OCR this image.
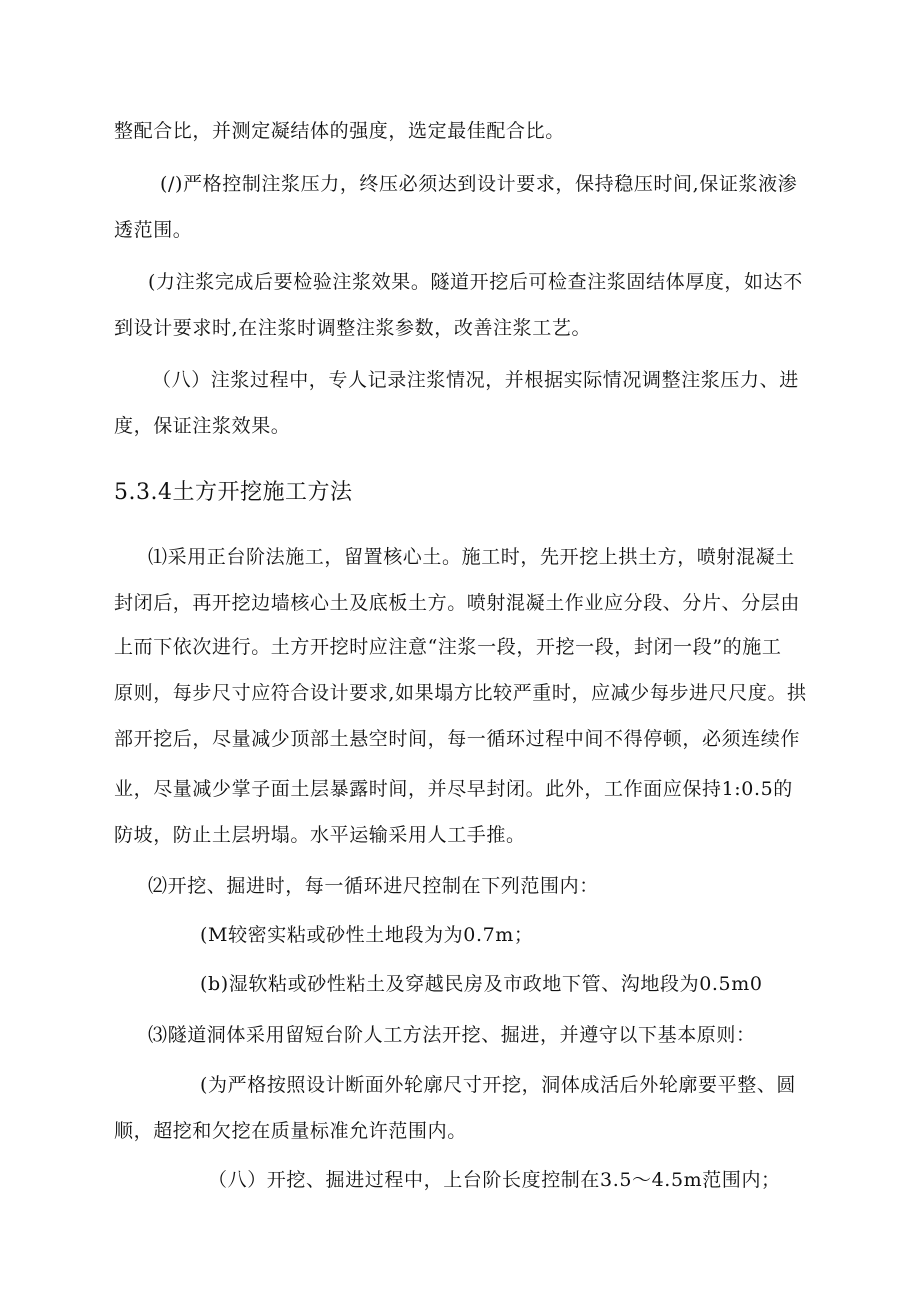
整配合比，并测定凝结体的强度，选定最佳配合比。
(/)严格控制注浆压力，终压必须达到设计要求，保持稳压时间,保证浆液渗
透范围。
(力注浆完成后要检验注浆效果。隧道开挖后可检查注浆固结体厚度，如达不
到设计要求时,在注浆时调整注浆参数，改善注浆工艺。
（八）注浆过程中，专人记录注浆情况，并根据实际情况调整注浆压力、进
度，保证注浆效果。
5.3.4土方开挖施工方法
⑴采用正台阶法施工，留置核心土。施工时，先开挖上拱土方，喷射混凝土
封闭后，再开挖边墙核心土及底板土方。喷射混凝土作业应分段、分片、分层由
上而下依次进行。土方开挖时应注意“注浆一段，开挖一段，封闭一段”的施工
原则，每步尺寸应符合设计要求,如果塌方比较严重时，应减少每步进尺尺度。拱
部开挖后，尽量减少顶部土悬空时间，每一循环过程中间不得停顿，必须连续作
业，尽量减少掌子面土层暴露时间，并尽早封闭。此外，工作面应保持1:0.5的
防坡，防止土层坍塌。水平运输采用人工手推。
⑵开挖、掘进时，每一循环进尺控制在下列范围内：
(M较密实粘或砂性土地段为为0.7m；
(b)湿软粘或砂性粘土及穿越民房及市政地下管、沟地段为0.5m0
⑶隧道洞体采用留短台阶人工方法开挖、掘进，并遵守以下基本原则：
(为严格按照设计断面外轮廓尺寸开挖，洞体成活后外轮廓要平整、圆
顺，超挖和欠挖在质量标准允许范围内。
（八）开挖、掘进过程中，上台阶长度控制在3.5～4.5m范围内；
